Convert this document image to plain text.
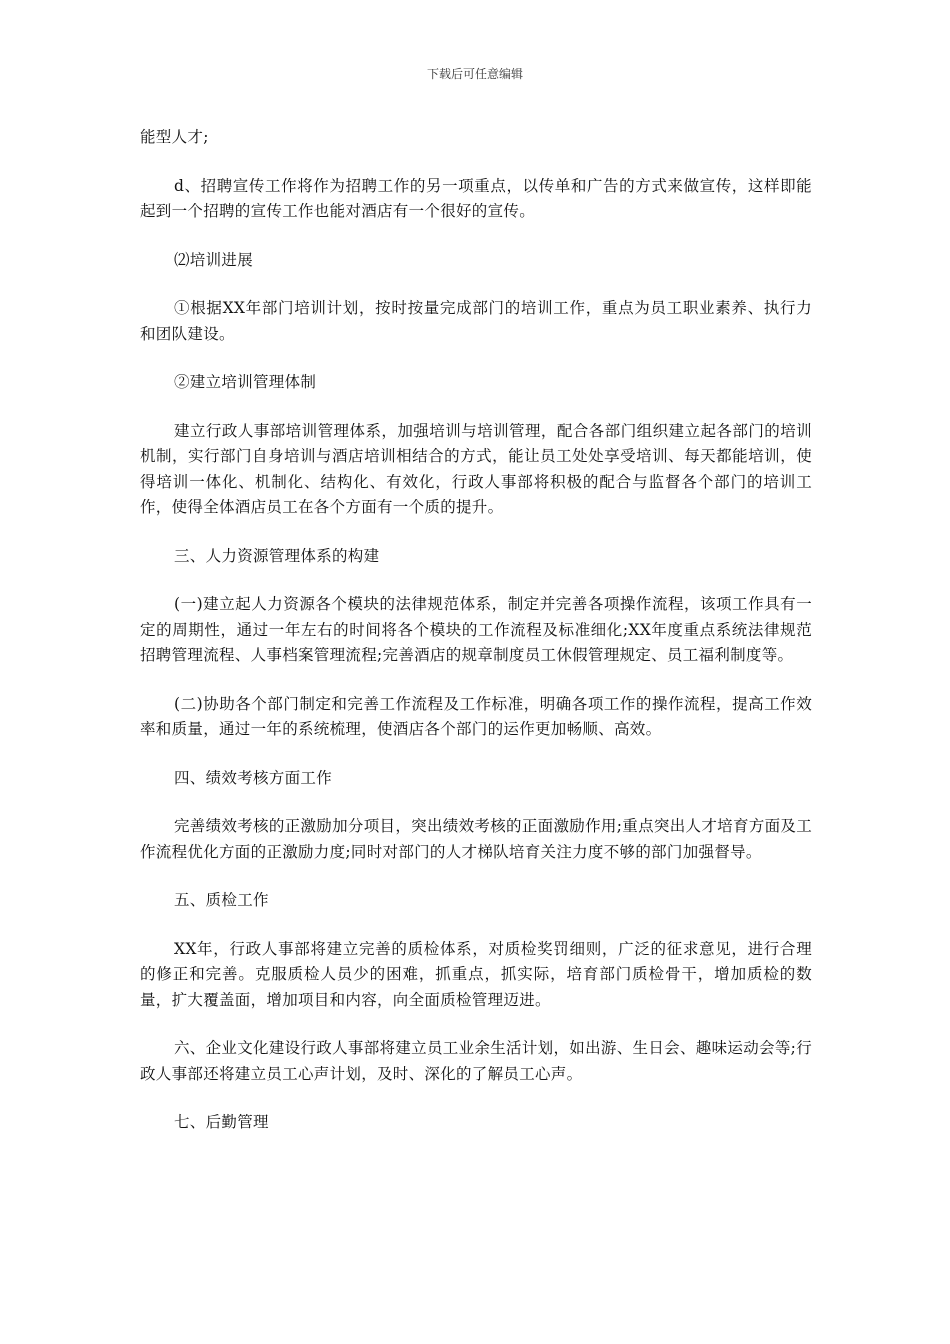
下载后可任意编辑

能型人才;

d、招聘宣传工作将作为招聘工作的另一项重点，以传单和广告的方式来做宣传，这样即能起到一个招聘的宣传工作也能对酒店有一个很好的宣传。

⑵培训进展

①根据XX年部门培训计划，按时按量完成部门的培训工作，重点为员工职业素养、执行力和团队建设。

②建立培训管理体制

建立行政人事部培训管理体系，加强培训与培训管理，配合各部门组织建立起各部门的培训机制，实行部门自身培训与酒店培训相结合的方式，能让员工处处享受培训、每天都能培训，使得培训一体化、机制化、结构化、有效化，行政人事部将积极的配合与监督各个部门的培训工作，使得全体酒店员工在各个方面有一个质的提升。

三、人力资源管理体系的构建

(一)建立起人力资源各个模块的法律规范体系，制定并完善各项操作流程，该项工作具有一定的周期性，通过一年左右的时间将各个模块的工作流程及标准细化;XX年度重点系统法律规范招聘管理流程、人事档案管理流程;完善酒店的规章制度员工休假管理规定、员工福利制度等。

(二)协助各个部门制定和完善工作流程及工作标准，明确各项工作的操作流程，提高工作效率和质量，通过一年的系统梳理，使酒店各个部门的运作更加畅顺、高效。

四、绩效考核方面工作

完善绩效考核的正激励加分项目，突出绩效考核的正面激励作用;重点突出人才培育方面及工作流程优化方面的正激励力度;同时对部门的人才梯队培育关注力度不够的部门加强督导。

五、质检工作

XX年，行政人事部将建立完善的质检体系，对质检奖罚细则，广泛的征求意见，进行合理的修正和完善。克服质检人员少的困难，抓重点，抓实际，培育部门质检骨干，增加质检的数量，扩大覆盖面，增加项目和内容，向全面质检管理迈进。

六、企业文化建设行政人事部将建立员工业余生活计划，如出游、生日会、趣味运动会等;行政人事部还将建立员工心声计划，及时、深化的了解员工心声。

七、后勤管理
